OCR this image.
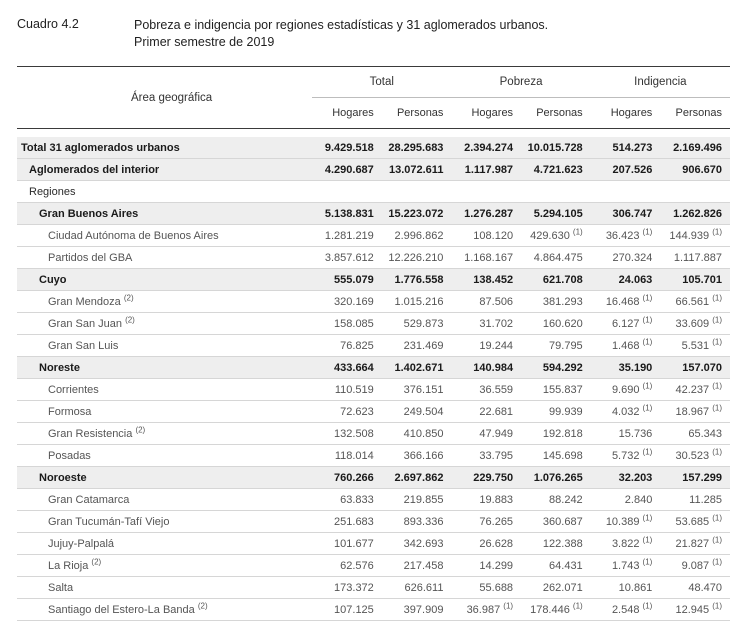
Cuadro 4.2	Pobreza e indigencia por regiones estadísticas y 31 aglomerados urbanos.
Primer semestre de 2019
Área geográfica	Total		Pobreza		Indigencia	
	Hogares	Personas	Hogares	Personas	Hogares	Personas

Total 31 aglomerados urbanos	9.429.518	28.295.683	2.394.274	10.015.728	514.273	2.169.496
Aglomerados del interior	4.290.687	13.072.611	1.117.987	4.721.623	207.526	906.670
Regiones						
Gran Buenos Aires	5.138.831	15.223.072	1.276.287	5.294.105	306.747	1.262.826
Ciudad Autónoma de Buenos Aires	1.281.219	2.996.862	108.120	429.630 $^{(1)}$	36.423 $^{(1)}$	144.939 $^{(1)}$
Partidos del GBA	3.857.612	12.226.210	1.168.167	4.864.475	270.324	1.117.887
Cuyo	555.079	1.776.558	138.452	621.708	24.063	105.701
Gran Mendoza $^{(2)}$	320.169	1.015.216	87.506	381.293	16.468 $^{(1)}$	66.561 $^{(1)}$
Gran San Juan $^{(2)}$	158.085	529.873	31.702	160.620	6.127 $^{(1)}$	33.609 $^{(1)}$
Gran San Luis	76.825	231.469	19.244	79.795	1.468 $^{(1)}$	5.531 $^{(1)}$
Noreste	433.664	1.402.671	140.984	594.292	35.190	157.070
Corrientes	110.519	376.151	36.559	155.837	9.690 $^{(1)}$	42.237 $^{(1)}$
Formosa	72.623	249.504	22.681	99.939	4.032 $^{(1)}$	18.967 $^{(1)}$
Gran Resistencia $^{(2)}$	132.508	410.850	47.949	192.818	15.736	65.343
Posadas	118.014	366.166	33.795	145.698	5.732 $^{(1)}$	30.523 $^{(1)}$
Noroeste	760.266	2.697.862	229.750	1.076.265	32.203	157.299
Gran Catamarca	63.833	219.855	19.883	88.242	2.840	11.285
Gran Tucumán-Tafí Viejo	251.683	893.336	76.265	360.687	10.389 $^{(1)}$	53.685 $^{(1)}$
Jujuy-Palpalá	101.677	342.693	26.628	122.388	3.822 $^{(1)}$	21.827 $^{(1)}$
La Rioja $^{(2)}$	62.576	217.458	14.299	64.431	1.743 $^{(1)}$	9.087 $^{(1)}$
Salta	173.372	626.611	55.688	262.071	10.861	48.470
Santiago del Estero-La Banda $^{(2)}$	107.125	397.909	36.987 $^{(1)}$	178.446 $^{(1)}$	2.548 $^{(1)}$	12.945 $^{(1)}$
